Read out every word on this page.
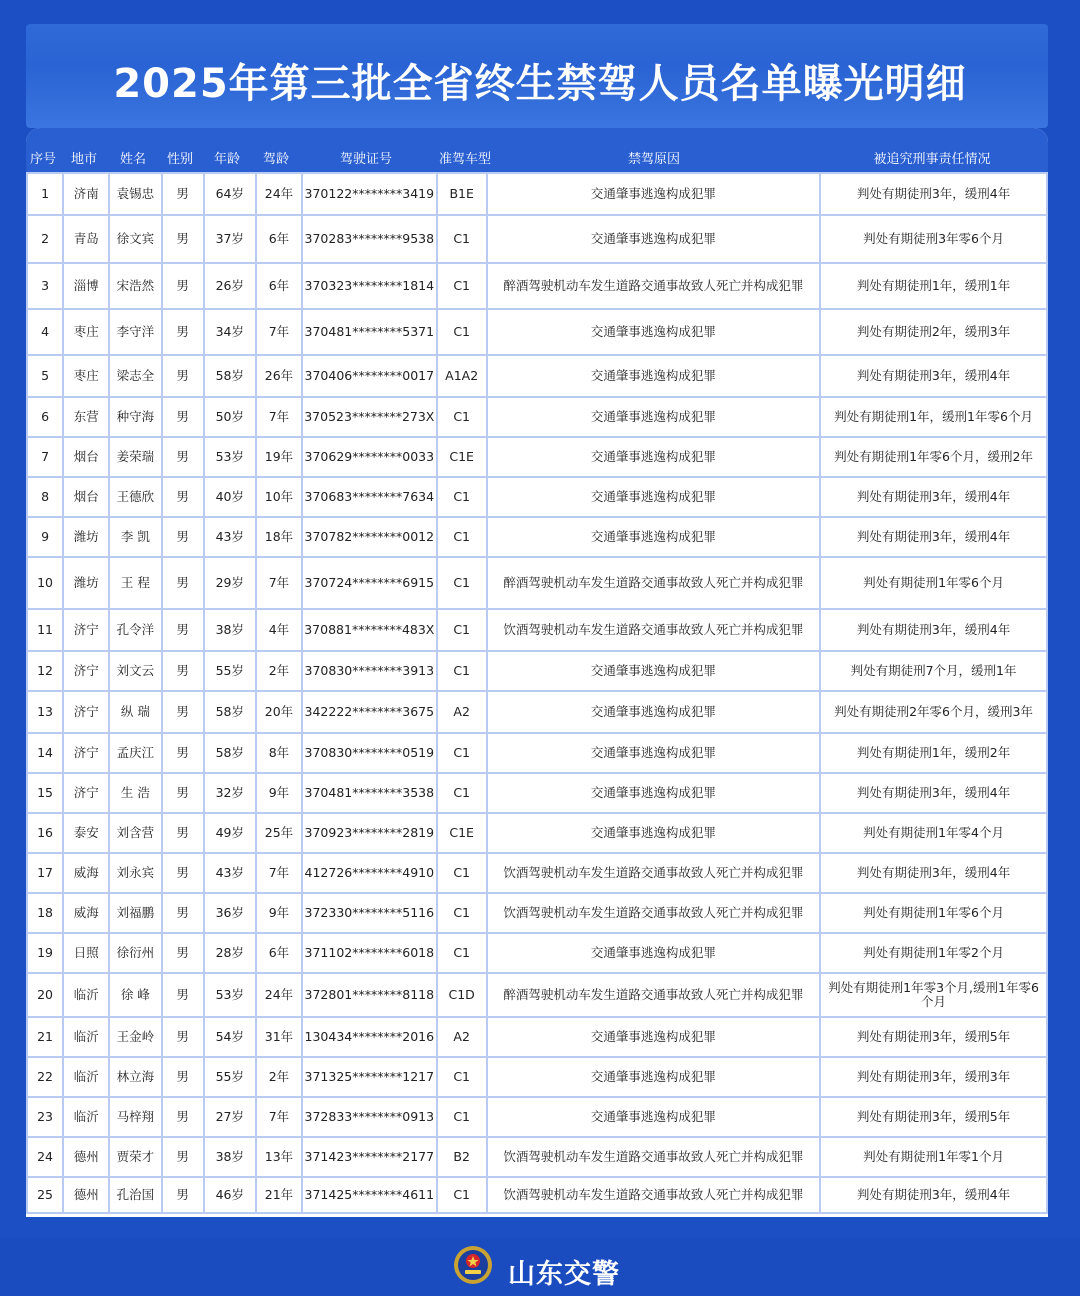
2025年第三批全省终生禁驾人员名单曝光明细
序号 地市 姓名 性别 年龄 驾龄	驾驶证号	准驾车型	禁驾原因	被追究刑事责任情况
1	济南	袁锡忠	男	64岁	24年	370122********3419	B1E	交通肇事逃逸构成犯罪	判处有期徒刑3年，缓刑4年
2	青岛	徐文宾	男	37岁	6年	370283********9538	C1	交通肇事逃逸构成犯罪	判处有期徒刑3年零6个月
3	淄博	宋浩然	男	26岁	6年	370323********1814	C1	醉酒驾驶机动车发生道路交通事故致人死亡并构成犯罪	判处有期徒刑1年，缓刑1年
4	枣庄	李守洋	男	34岁	7年	370481********5371	C1	交通肇事逃逸构成犯罪	判处有期徒刑2年，缓刑3年
5	枣庄	梁志全	男	58岁	26年	370406********0017	A1A2	交通肇事逃逸构成犯罪	判处有期徒刑3年，缓刑4年
6	东营	种守海	男	50岁	7年	370523********273X	C1	交通肇事逃逸构成犯罪	判处有期徒刑1年，缓刑1年零6个月
7	烟台	姜荣瑞	男	53岁	19年	370629********0033	C1E	交通肇事逃逸构成犯罪	判处有期徒刑1年零6个月，缓刑2年
8	烟台	王德欣	男	40岁	10年	370683********7634	C1	交通肇事逃逸构成犯罪	判处有期徒刑3年，缓刑4年
9	潍坊	李 凯	男	43岁	18年	370782********0012	C1	交通肇事逃逸构成犯罪	判处有期徒刑3年，缓刑4年
10	潍坊	王 程	男	29岁	7年	370724********6915	C1	醉酒驾驶机动车发生道路交通事故致人死亡并构成犯罪	判处有期徒刑1年零6个月
11	济宁	孔令洋	男	38岁	4年	370881********483X	C1	饮酒驾驶机动车发生道路交通事故致人死亡并构成犯罪	判处有期徒刑3年，缓刑4年
12	济宁	刘文云	男	55岁	2年	370830********3913	C1	交通肇事逃逸构成犯罪	判处有期徒刑7个月，缓刑1年
13	济宁	纵 瑞	男	58岁	20年	342222********3675	A2	交通肇事逃逸构成犯罪	判处有期徒刑2年零6个月，缓刑3年
14	济宁	孟庆江	男	58岁	8年	370830********0519	C1	交通肇事逃逸构成犯罪	判处有期徒刑1年，缓刑2年
15	济宁	生 浩	男	32岁	9年	370481********3538	C1	交通肇事逃逸构成犯罪	判处有期徒刑3年，缓刑4年
16	泰安	刘含营	男	49岁	25年	370923********2819	C1E	交通肇事逃逸构成犯罪	判处有期徒刑1年零4个月
17	威海	刘永宾	男	43岁	7年	412726********4910	C1	饮酒驾驶机动车发生道路交通事故致人死亡并构成犯罪	判处有期徒刑3年，缓刑4年
18	威海	刘福鹏	男	36岁	9年	372330********5116	C1	饮酒驾驶机动车发生道路交通事故致人死亡并构成犯罪	判处有期徒刑1年零6个月
19	日照	徐衍州	男	28岁	6年	371102********6018	C1	交通肇事逃逸构成犯罪	判处有期徒刑1年零2个月
20	临沂	徐 峰	男	53岁	24年	372801********8118	C1D	醉酒驾驶机动车发生道路交通事故致人死亡并构成犯罪	判处有期徒刑1年零3个月,缓刑1年零6个月
21	临沂	王金岭	男	54岁	31年	130434********2016	A2	交通肇事逃逸构成犯罪	判处有期徒刑3年，缓刑5年
22	临沂	林立海	男	55岁	2年	371325********1217	C1	交通肇事逃逸构成犯罪	判处有期徒刑3年，缓刑3年
23	临沂	马梓翔	男	27岁	7年	372833********0913	C1	交通肇事逃逸构成犯罪	判处有期徒刑3年，缓刑5年
24	德州	贾荣才	男	38岁	13年	371423********2177	B2	饮酒驾驶机动车发生道路交通事故致人死亡并构成犯罪	判处有期徒刑1年零1个月
25	德州	孔治国	男	46岁	21年	371425********4611	C1	饮酒驾驶机动车发生道路交通事故致人死亡并构成犯罪	判处有期徒刑3年，缓刑4年
山东交警
